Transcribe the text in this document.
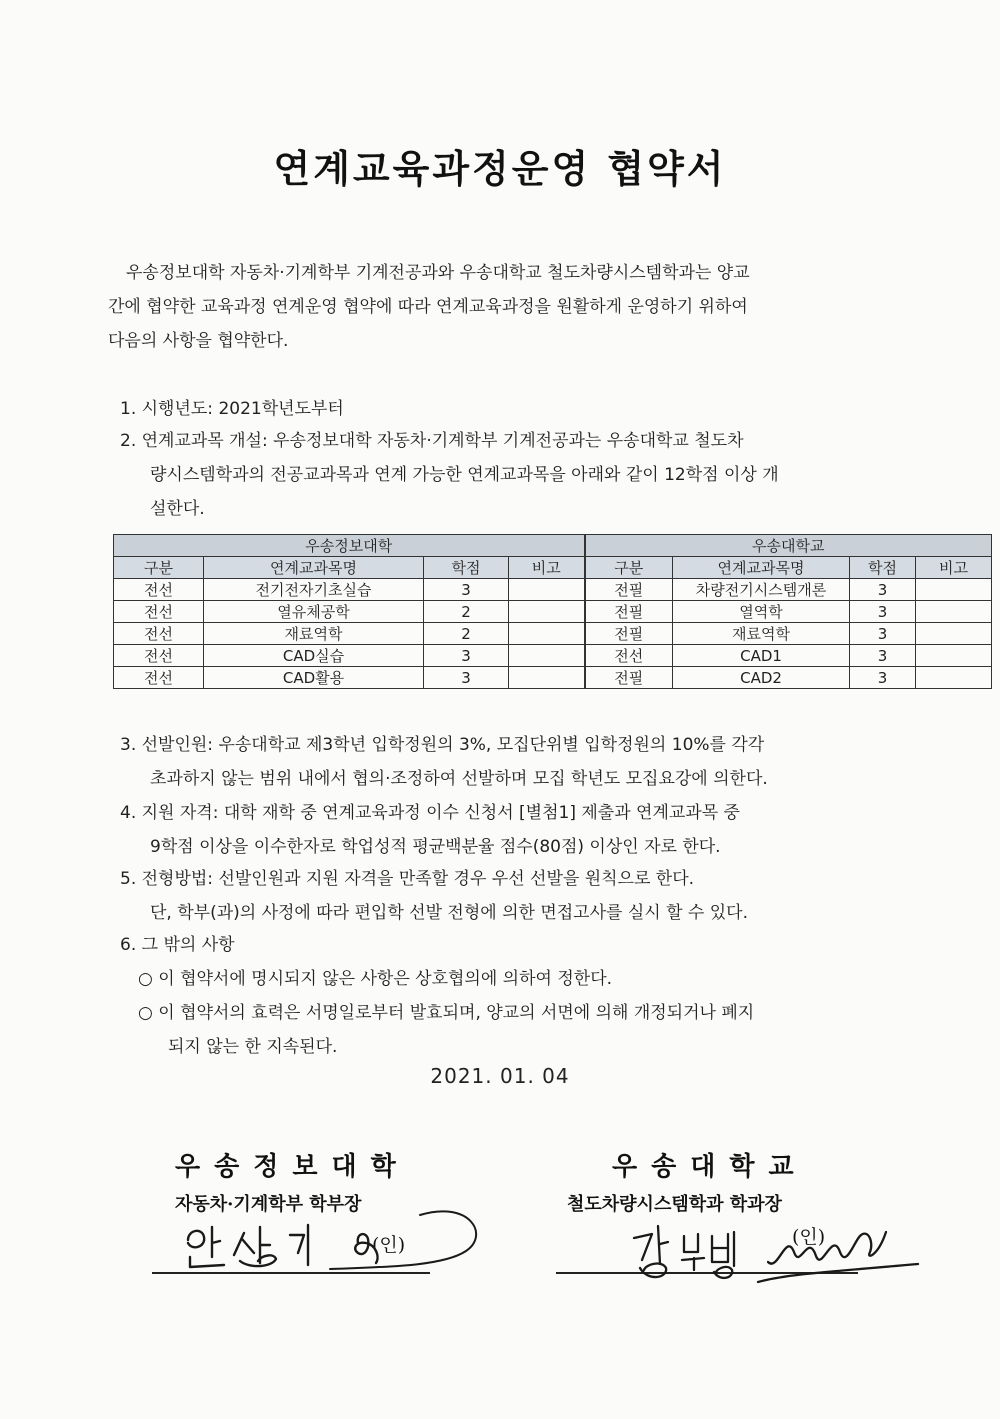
연계교육과정운영 협약서
우송정보대학 자동차·기계학부 기계전공과와 우송대학교 철도차량시스템학과는 양교
간에 협약한 교육과정 연계운영 협약에 따라 연계교육과정을 원활하게 운영하기 위하여
다음의 사항을 협약한다.
1. 시행년도: 2021학년도부터
2. 연계교과목 개설: 우송정보대학 자동차·기계학부 기계전공과는 우송대학교 철도차
량시스템학과의 전공교과목과 연계 가능한 연계교과목을 아래와 같이 12학점 이상 개
설한다.
우송정보대학				우송대학교			
구분	연계교과목명	학점	비고	구분	연계교과목명	학점	비고
전선	전기전자기초실습	3		전필	차량전기시스템개론	3	
전선	열유체공학	2		전필	열역학	3	
전선	재료역학	2		전필	재료역학	3	
전선	CAD실습	3		전선	CAD1	3	
전선	CAD활용	3		전필	CAD2	3	
3. 선발인원: 우송대학교 제3학년 입학정원의 3%, 모집단위별 입학정원의 10%를 각각
초과하지 않는 범위 내에서 협의·조정하여 선발하며 모집 학년도 모집요강에 의한다.
4. 지원 자격: 대학 재학 중 연계교육과정 이수 신청서 [별첨1] 제출과 연계교과목 중
9학점 이상을 이수한자로 학업성적 평균백분율 점수(80점) 이상인 자로 한다.
5. 전형방법: 선발인원과 지원 자격을 만족할 경우 우선 선발을 원칙으로 한다.
단, 학부(과)의 사정에 따라 편입학 선발 전형에 의한 면접고사를 실시 할 수 있다.
6. 그 밖의 사항
○ 이 협약서에 명시되지 않은 사항은 상호협의에 의하여 정한다.
○ 이 협약서의 효력은 서명일로부터 발효되며, 양교의 서면에 의해 개정되거나 폐지
되지 않는 한 지속된다.
2021. 01. 04
우송정보대학
자동차·기계학부 학부장
(인)
우송대학교
철도차량시스템학과 학과장
(인)
